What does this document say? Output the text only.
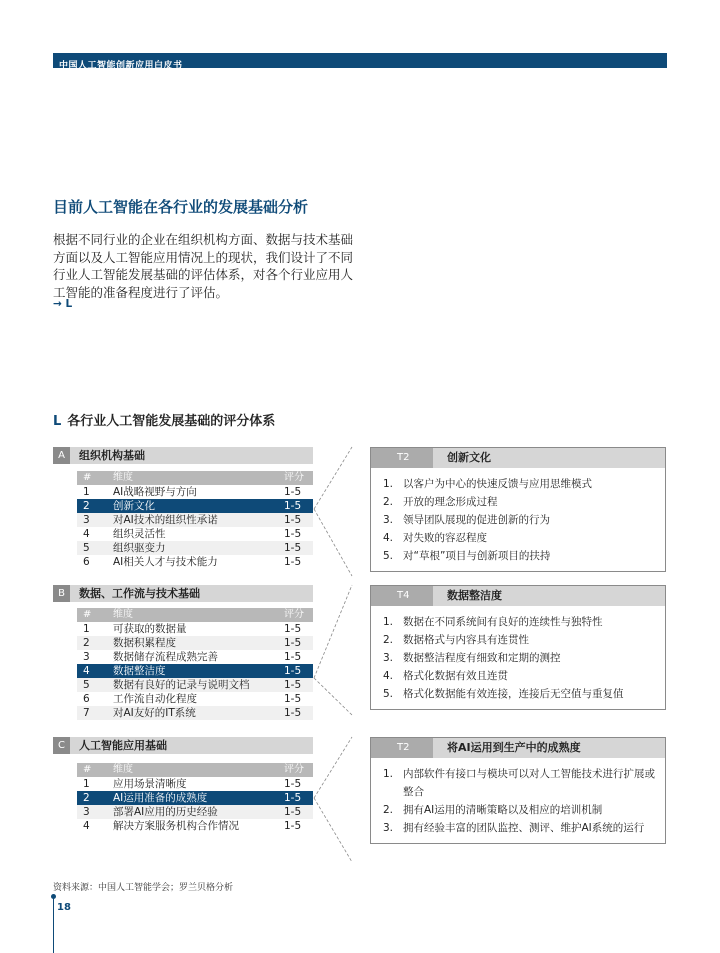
中国人工智能创新应用白皮书
目前人工智能在各行业的发展基础分析
根据不同行业的企业在组织机构方面、数据与技术基础方面以及人工智能应用情况上的现状，我们设计了不同行业人工智能发展基础的评估体系，对各个行业应用人工智能的准备程度进行了评估。
→ L
L 各行业人工智能发展基础的评分体系
A	组织机构基础
# 维度	评分
1 AI战略视野与方向	1-5
2 创新文化	1-5
3 对AI技术的组织性承诺	1-5
4 组织灵活性	1-5
5 组织驱变力	1-5
6 AI相关人才与技术能力	1-5
B	数据、工作流与技术基础
# 维度	评分
1 可获取的数据量	1-5
2 数据积累程度	1-5
3 数据储存流程成熟完善	1-5
4 数据整洁度	1-5
5 数据有良好的记录与说明文档	1-5
6 工作流自动化程度	1-5
7 对AI友好的IT系统	1-5
C	人工智能应用基础
# 维度	评分
1 应用场景清晰度	1-5
2 AI运用准备的成熟度	1-5
3 部署AI应用的历史经验	1-5
4 解决方案服务机构合作情况	1-5
T2	创新文化
1. 以客户为中心的快速反馈与应用思维模式
2. 开放的理念形成过程
3. 领导团队展现的促进创新的行为
4. 对失败的容忍程度
5. 对“草根”项目与创新项目的扶持
T4	数据整洁度
1. 数据在不同系统间有良好的连续性与独特性
2. 数据格式与内容具有连贯性
3. 数据整洁程度有细致和定期的测控
4. 格式化数据有效且连贯
5. 格式化数据能有效连接，连接后无空值与重复值
T2	将AI运用到生产中的成熟度
1. 内部软件有接口与模块可以对人工智能技术进行扩展或整合
2. 拥有AI运用的清晰策略以及相应的培训机制
3. 拥有经验丰富的团队监控、测评、维护AI系统的运行
资料来源：中国人工智能学会；罗兰贝格分析
18
